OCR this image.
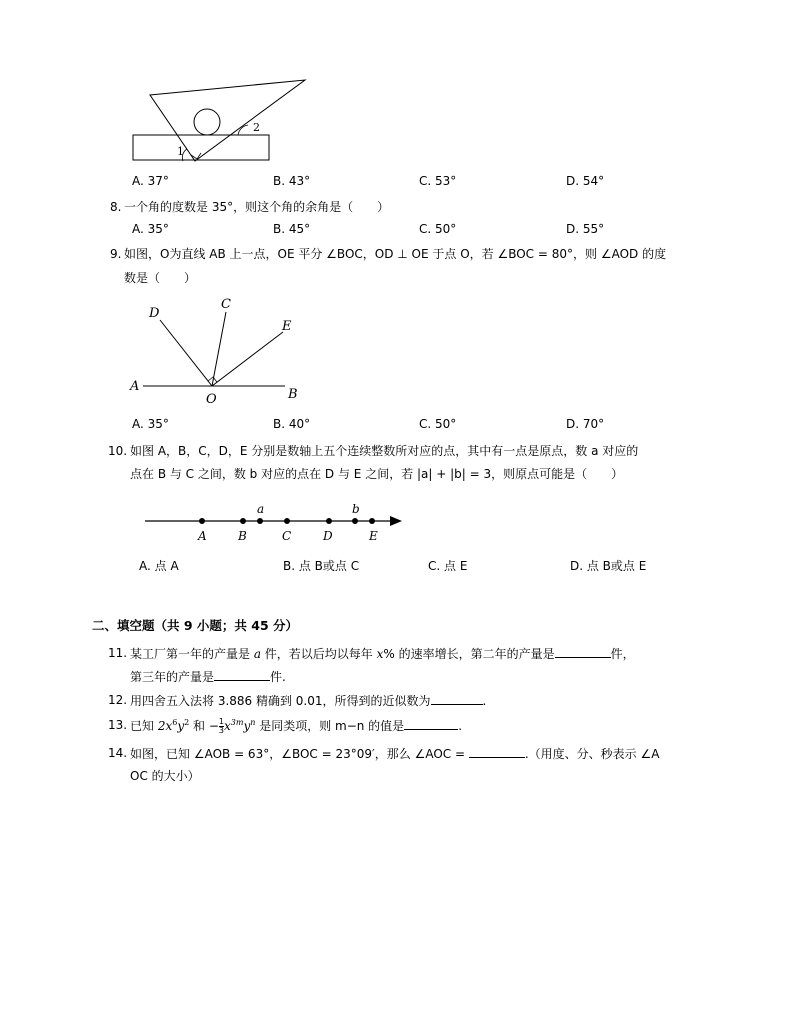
1
2
A. 37°	B. 43°	C. 53°	D. 54°
8. 一个角的度数是 35°，则这个角的余角是（　　）
A. 35°	B. 45°	C. 50°	D. 55°
9. 如图，O为直线 AB 上一点，OE 平分 ∠BOC，OD ⊥ OE 于点 O，若 ∠BOC = 80°，则 ∠AOD 的度
数是（　　）
D
C
E
A
B
O
A. 35°	B. 40°	C. 50°	D. 70°
10. 如图 A，B，C，D，E 分别是数轴上五个连续整数所对应的点，其中有一点是原点，数 a 对应的
点在 B 与 C 之间，数 b 对应的点在 D 与 E 之间，若 |a| + |b| = 3，则原点可能是（　　）
A	B	C	D	E
a	b
A. 点 A	B. 点 B或点 C	C. 点 E	D. 点 B或点 E
二、填空题（共 9 小题；共 45 分）
11. 某工厂第一年的产量是 a 件，若以后均以每年 x% 的速率增长，第二年的产量是	件，
第三年的产量是	件.
12. 用四舍五入法将 3.886 精确到 0.01，所得到的近似数为	.
13. 已知 $2x^6y^2$ 和 − $\frac{1}{3} x^{3m}y^n$ 是同类项，则 m−n 的值是	.
14. 如图，已知 ∠AOB = 63°，∠BOC = 23°09′，那么 ∠AOC =	.（用度、分、秒表示 ∠A
OC 的大小）
